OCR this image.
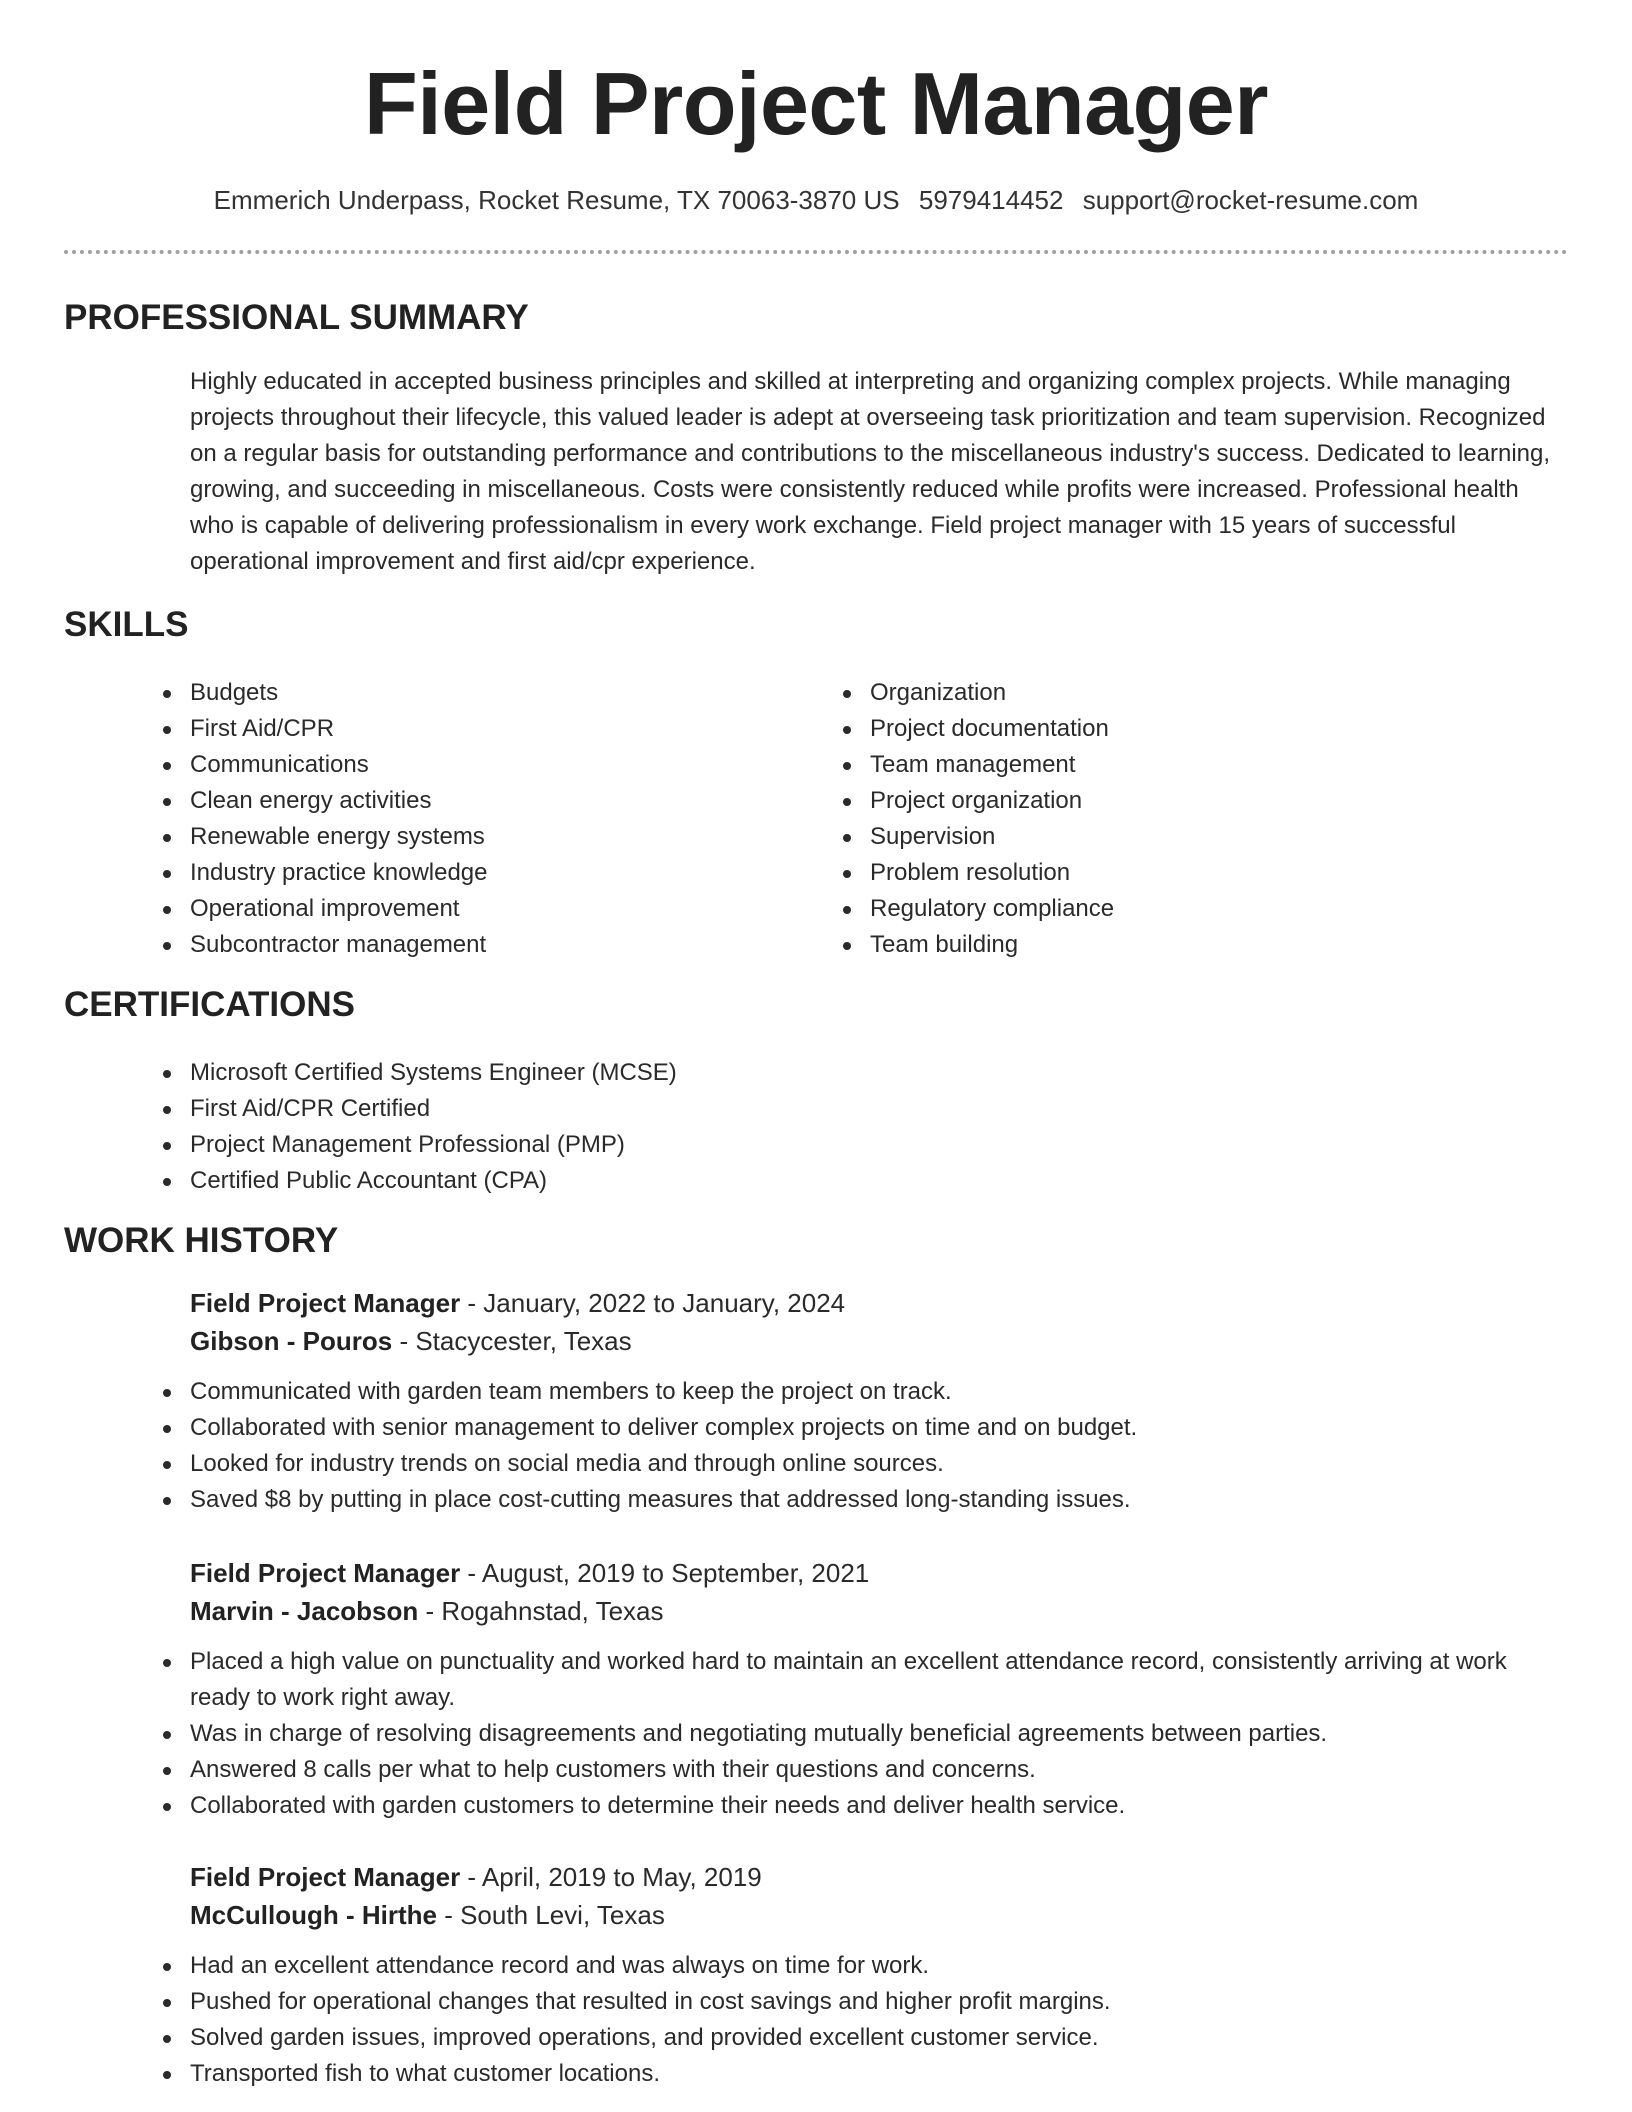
Field Project Manager
Emmerich Underpass, Rocket Resume, TX 70063-3870 US 5979414452 support@rocket-resume.com
PROFESSIONAL SUMMARY

Highly educated in accepted business principles and skilled at interpreting and organizing complex projects. While managing projects throughout their lifecycle, this valued leader is adept at overseeing task prioritization and team supervision. Recognized on a regular basis for outstanding performance and contributions to the miscellaneous industry's success. Dedicated to learning, growing, and succeeding in miscellaneous. Costs were consistently reduced while profits were increased. Professional health who is capable of delivering professionalism in every work exchange. Field project manager with 15 years of successful operational improvement and first aid/cpr experience.

SKILLS
Budgets
First Aid/CPR
Communications
Clean energy activities
Renewable energy systems
Industry practice knowledge
Operational improvement
Subcontractor management
Organization
Project documentation
Team management
Project organization
Supervision
Problem resolution
Regulatory compliance
Team building
CERTIFICATIONS
Microsoft Certified Systems Engineer (MCSE)
First Aid/CPR Certified
Project Management Professional (PMP)
Certified Public Accountant (CPA)
WORK HISTORY
Field Project Manager - January, 2022 to January, 2024
Gibson - Pouros - Stacycester, Texas
Communicated with garden team members to keep the project on track.
Collaborated with senior management to deliver complex projects on time and on budget.
Looked for industry trends on social media and through online sources.
Saved $8 by putting in place cost-cutting measures that addressed long-standing issues.
Field Project Manager - August, 2019 to September, 2021
Marvin - Jacobson - Rogahnstad, Texas
Placed a high value on punctuality and worked hard to maintain an excellent attendance record, consistently arriving at work ready to work right away.
Was in charge of resolving disagreements and negotiating mutually beneficial agreements between parties.
Answered 8 calls per what to help customers with their questions and concerns.
Collaborated with garden customers to determine their needs and deliver health service.
Field Project Manager - April, 2019 to May, 2019
McCullough - Hirthe - South Levi, Texas
Had an excellent attendance record and was always on time for work.
Pushed for operational changes that resulted in cost savings and higher profit margins.
Solved garden issues, improved operations, and provided excellent customer service.
Transported fish to what customer locations.
